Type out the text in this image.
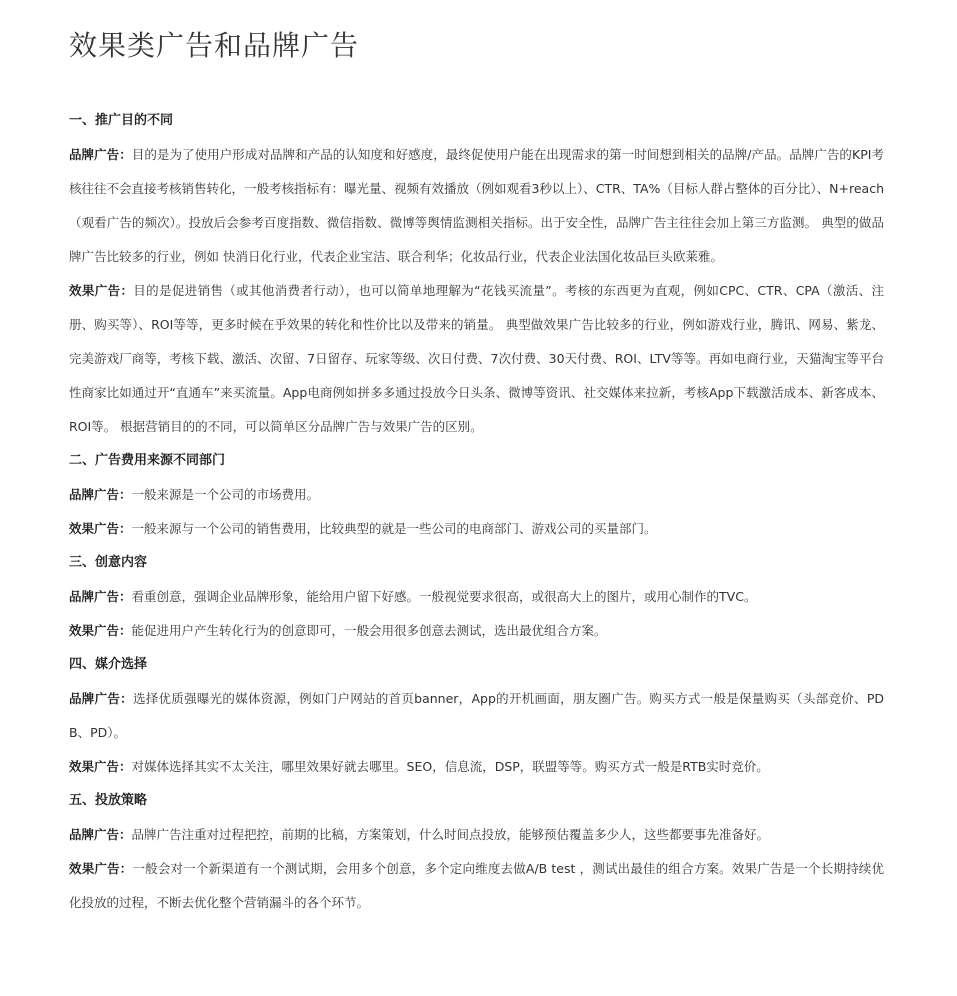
效果类广告和品牌广告
一、推广目的不同

品牌广告：目的是为了使用户形成对品牌和产品的认知度和好感度，最终促使用户能在出现需求的第一时间想到相关的品牌/产品。品牌广告的KPI考核往往不会直接考核销售转化，一般考核指标有：曝光量、视频有效播放（例如观看3秒以上）、CTR、TA%（目标人群占整体的百分比）、N+reach（观看广告的频次）。投放后会参考百度指数、微信指数、微博等舆情监测相关指标。出于安全性，品牌广告主往往会加上第三方监测。 典型的做品牌广告比较多的行业，例如 快消日化行业，代表企业宝洁、联合利华；化妆品行业，代表企业法国化妆品巨头欧莱雅。

效果广告：目的是促进销售（或其他消费者行动），也可以简单地理解为“花钱买流量”。考核的东西更为直观，例如CPC、CTR、CPA（激活、注册、购买等）、ROI等等，更多时候在乎效果的转化和性价比以及带来的销量。 典型做效果广告比较多的行业，例如游戏行业，腾讯、网易、紫龙、完美游戏厂商等，考核下载、激活、次留、7日留存、玩家等级、次日付费、7次付费、30天付费、ROI、LTV等等。再如电商行业，天猫淘宝等平台性商家比如通过开“直通车”来买流量。App电商例如拼多多通过投放今日头条、微博等资讯、社交媒体来拉新，考核App下载激活成本、新客成本、ROI等。 根据营销目的的不同，可以简单区分品牌广告与效果广告的区别。

二、广告费用来源不同部门

品牌广告：一般来源是一个公司的市场费用。

效果广告：一般来源与一个公司的销售费用，比较典型的就是一些公司的电商部门、游戏公司的买量部门。

三、创意内容

品牌广告：看重创意，强调企业品牌形象，能给用户留下好感。一般视觉要求很高，或很高大上的图片，或用心制作的TVC。

效果广告：能促进用户产生转化行为的创意即可，一般会用很多创意去测试，选出最优组合方案。

四、媒介选择

品牌广告：选择优质强曝光的媒体资源，例如门户网站的首页banner，App的开机画面，朋友圈广告。购买方式一般是保量购买（头部竞价、PDB、PD）。

效果广告：对媒体选择其实不太关注，哪里效果好就去哪里。SEO，信息流，DSP，联盟等等。购买方式一般是RTB实时竞价。

五、投放策略

品牌广告：品牌广告注重对过程把控，前期的比稿，方案策划，什么时间点投放，能够预估覆盖多少人，这些都要事先准备好。

效果广告：一般会对一个新渠道有一个测试期，会用多个创意，多个定向维度去做A/B test ，测试出最佳的组合方案。效果广告是一个长期持续优化投放的过程，不断去优化整个营销漏斗的各个环节。
